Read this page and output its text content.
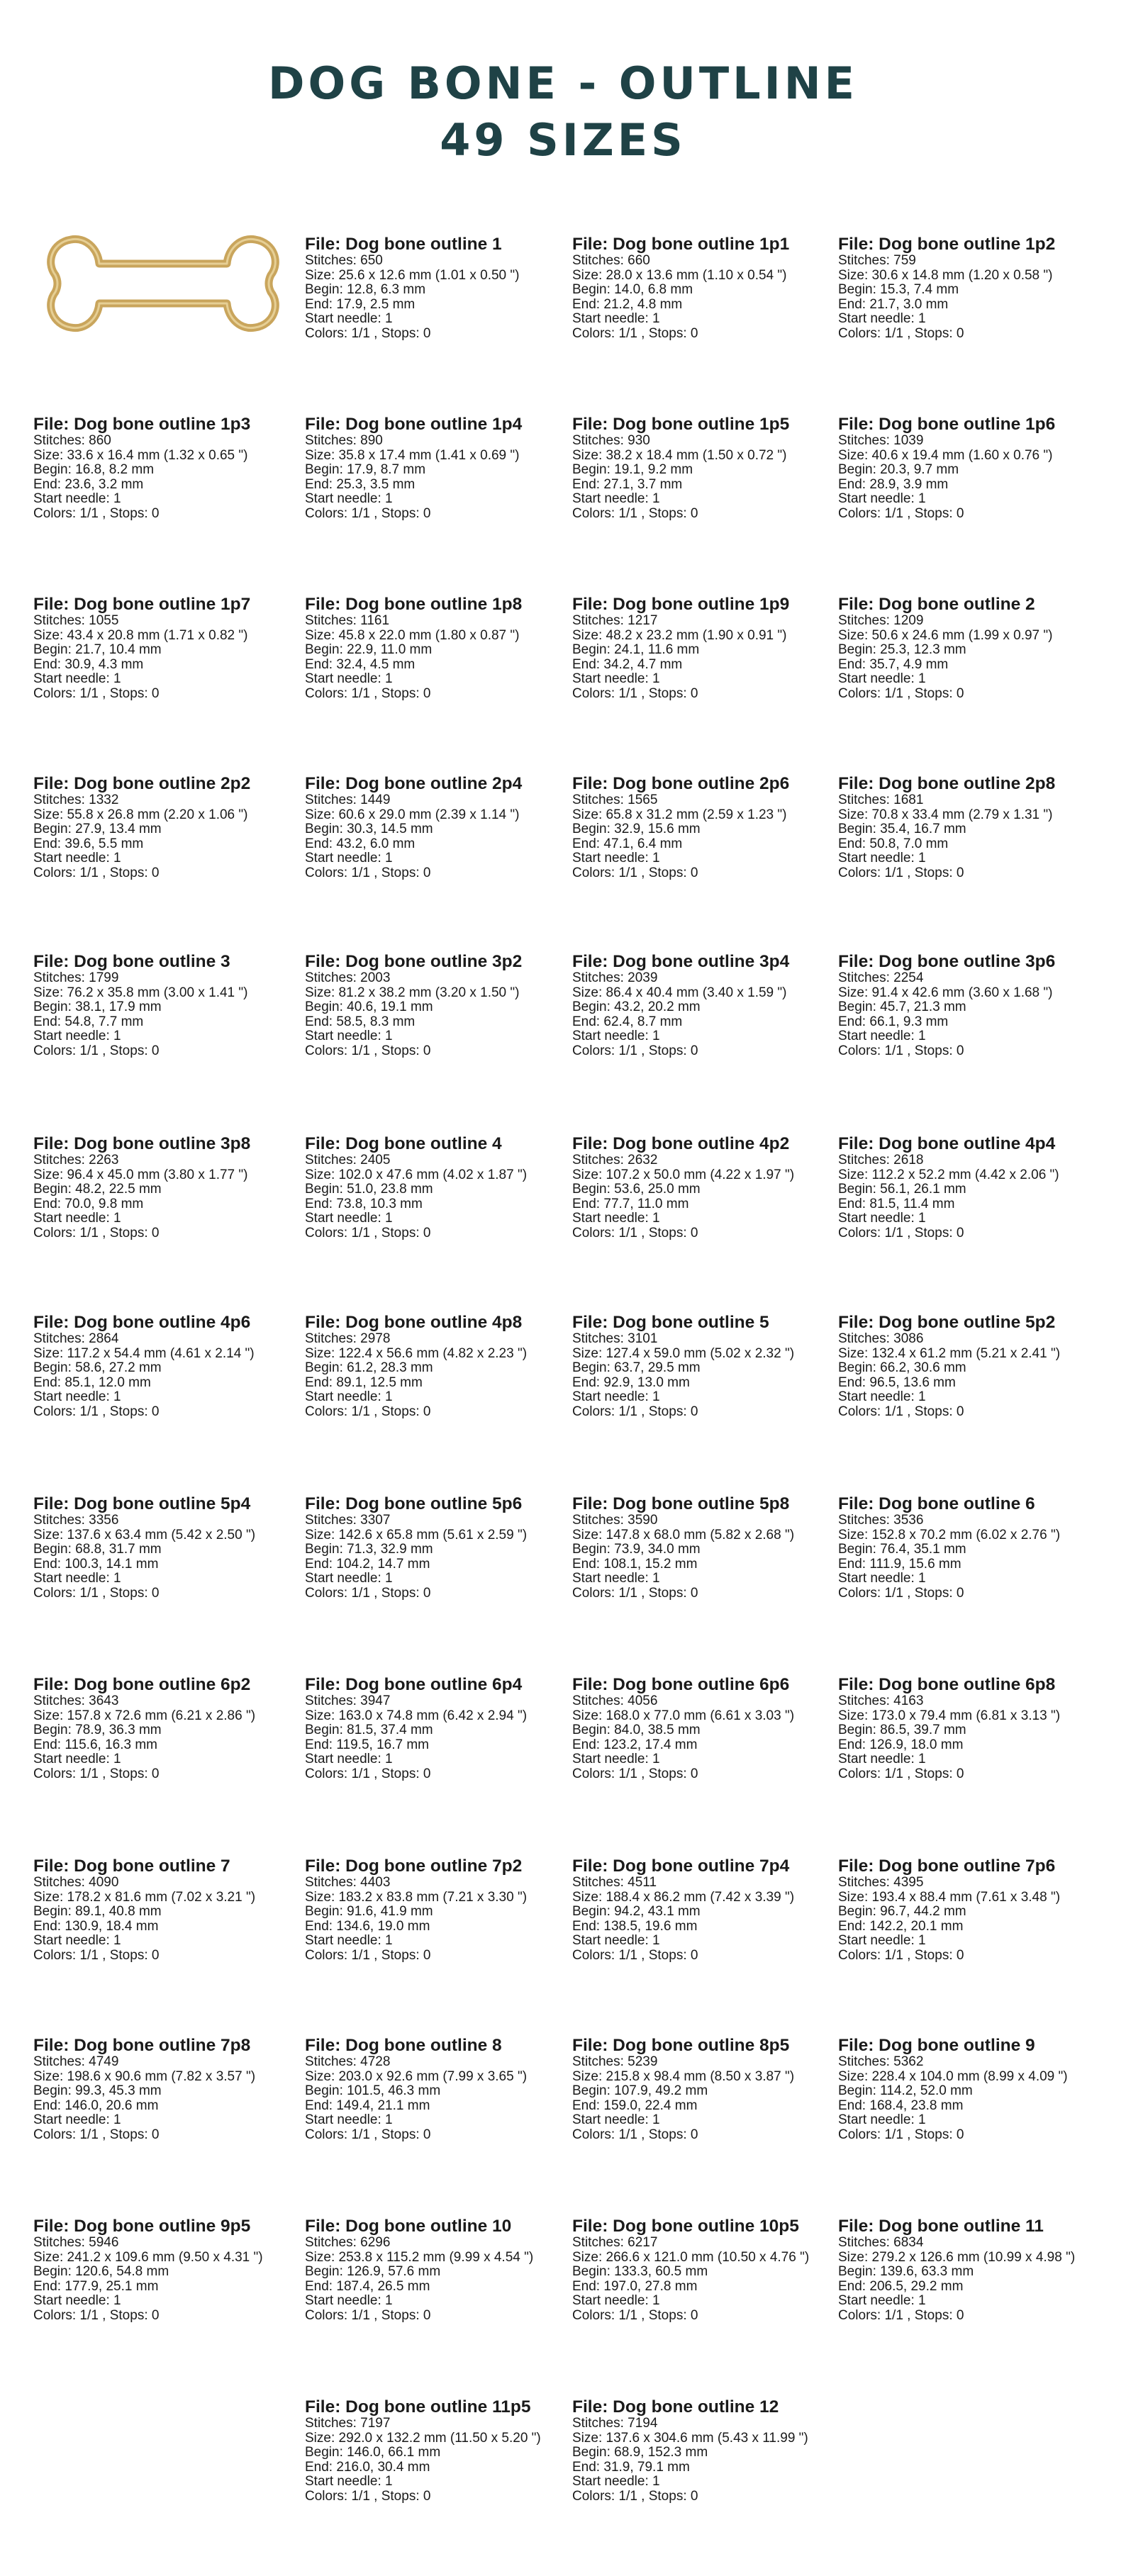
DOG BONE - OUTLINE
49 SIZES
File: Dog bone outline 1
Stitches: 650
Size: 25.6 x 12.6 mm (1.01 x 0.50 ")
Begin: 12.8, 6.3 mm
End: 17.9, 2.5 mm
Start needle: 1
Colors: 1/1 , Stops: 0
File: Dog bone outline 1p1
Stitches: 660
Size: 28.0 x 13.6 mm (1.10 x 0.54 ")
Begin: 14.0, 6.8 mm
End: 21.2, 4.8 mm
Start needle: 1
Colors: 1/1 , Stops: 0
File: Dog bone outline 1p2
Stitches: 759
Size: 30.6 x 14.8 mm (1.20 x 0.58 ")
Begin: 15.3, 7.4 mm
End: 21.7, 3.0 mm
Start needle: 1
Colors: 1/1 , Stops: 0
File: Dog bone outline 1p3
Stitches: 860
Size: 33.6 x 16.4 mm (1.32 x 0.65 ")
Begin: 16.8, 8.2 mm
End: 23.6, 3.2 mm
Start needle: 1
Colors: 1/1 , Stops: 0
File: Dog bone outline 1p4
Stitches: 890
Size: 35.8 x 17.4 mm (1.41 x 0.69 ")
Begin: 17.9, 8.7 mm
End: 25.3, 3.5 mm
Start needle: 1
Colors: 1/1 , Stops: 0
File: Dog bone outline 1p5
Stitches: 930
Size: 38.2 x 18.4 mm (1.50 x 0.72 ")
Begin: 19.1, 9.2 mm
End: 27.1, 3.7 mm
Start needle: 1
Colors: 1/1 , Stops: 0
File: Dog bone outline 1p6
Stitches: 1039
Size: 40.6 x 19.4 mm (1.60 x 0.76 ")
Begin: 20.3, 9.7 mm
End: 28.9, 3.9 mm
Start needle: 1
Colors: 1/1 , Stops: 0
File: Dog bone outline 1p7
Stitches: 1055
Size: 43.4 x 20.8 mm (1.71 x 0.82 ")
Begin: 21.7, 10.4 mm
End: 30.9, 4.3 mm
Start needle: 1
Colors: 1/1 , Stops: 0
File: Dog bone outline 1p8
Stitches: 1161
Size: 45.8 x 22.0 mm (1.80 x 0.87 ")
Begin: 22.9, 11.0 mm
End: 32.4, 4.5 mm
Start needle: 1
Colors: 1/1 , Stops: 0
File: Dog bone outline 1p9
Stitches: 1217
Size: 48.2 x 23.2 mm (1.90 x 0.91 ")
Begin: 24.1, 11.6 mm
End: 34.2, 4.7 mm
Start needle: 1
Colors: 1/1 , Stops: 0
File: Dog bone outline 2
Stitches: 1209
Size: 50.6 x 24.6 mm (1.99 x 0.97 ")
Begin: 25.3, 12.3 mm
End: 35.7, 4.9 mm
Start needle: 1
Colors: 1/1 , Stops: 0
File: Dog bone outline 2p2
Stitches: 1332
Size: 55.8 x 26.8 mm (2.20 x 1.06 ")
Begin: 27.9, 13.4 mm
End: 39.6, 5.5 mm
Start needle: 1
Colors: 1/1 , Stops: 0
File: Dog bone outline 2p4
Stitches: 1449
Size: 60.6 x 29.0 mm (2.39 x 1.14 ")
Begin: 30.3, 14.5 mm
End: 43.2, 6.0 mm
Start needle: 1
Colors: 1/1 , Stops: 0
File: Dog bone outline 2p6
Stitches: 1565
Size: 65.8 x 31.2 mm (2.59 x 1.23 ")
Begin: 32.9, 15.6 mm
End: 47.1, 6.4 mm
Start needle: 1
Colors: 1/1 , Stops: 0
File: Dog bone outline 2p8
Stitches: 1681
Size: 70.8 x 33.4 mm (2.79 x 1.31 ")
Begin: 35.4, 16.7 mm
End: 50.8, 7.0 mm
Start needle: 1
Colors: 1/1 , Stops: 0
File: Dog bone outline 3
Stitches: 1799
Size: 76.2 x 35.8 mm (3.00 x 1.41 ")
Begin: 38.1, 17.9 mm
End: 54.8, 7.7 mm
Start needle: 1
Colors: 1/1 , Stops: 0
File: Dog bone outline 3p2
Stitches: 2003
Size: 81.2 x 38.2 mm (3.20 x 1.50 ")
Begin: 40.6, 19.1 mm
End: 58.5, 8.3 mm
Start needle: 1
Colors: 1/1 , Stops: 0
File: Dog bone outline 3p4
Stitches: 2039
Size: 86.4 x 40.4 mm (3.40 x 1.59 ")
Begin: 43.2, 20.2 mm
End: 62.4, 8.7 mm
Start needle: 1
Colors: 1/1 , Stops: 0
File: Dog bone outline 3p6
Stitches: 2254
Size: 91.4 x 42.6 mm (3.60 x 1.68 ")
Begin: 45.7, 21.3 mm
End: 66.1, 9.3 mm
Start needle: 1
Colors: 1/1 , Stops: 0
File: Dog bone outline 3p8
Stitches: 2263
Size: 96.4 x 45.0 mm (3.80 x 1.77 ")
Begin: 48.2, 22.5 mm
End: 70.0, 9.8 mm
Start needle: 1
Colors: 1/1 , Stops: 0
File: Dog bone outline 4
Stitches: 2405
Size: 102.0 x 47.6 mm (4.02 x 1.87 ")
Begin: 51.0, 23.8 mm
End: 73.8, 10.3 mm
Start needle: 1
Colors: 1/1 , Stops: 0
File: Dog bone outline 4p2
Stitches: 2632
Size: 107.2 x 50.0 mm (4.22 x 1.97 ")
Begin: 53.6, 25.0 mm
End: 77.7, 11.0 mm
Start needle: 1
Colors: 1/1 , Stops: 0
File: Dog bone outline 4p4
Stitches: 2618
Size: 112.2 x 52.2 mm (4.42 x 2.06 ")
Begin: 56.1, 26.1 mm
End: 81.5, 11.4 mm
Start needle: 1
Colors: 1/1 , Stops: 0
File: Dog bone outline 4p6
Stitches: 2864
Size: 117.2 x 54.4 mm (4.61 x 2.14 ")
Begin: 58.6, 27.2 mm
End: 85.1, 12.0 mm
Start needle: 1
Colors: 1/1 , Stops: 0
File: Dog bone outline 4p8
Stitches: 2978
Size: 122.4 x 56.6 mm (4.82 x 2.23 ")
Begin: 61.2, 28.3 mm
End: 89.1, 12.5 mm
Start needle: 1
Colors: 1/1 , Stops: 0
File: Dog bone outline 5
Stitches: 3101
Size: 127.4 x 59.0 mm (5.02 x 2.32 ")
Begin: 63.7, 29.5 mm
End: 92.9, 13.0 mm
Start needle: 1
Colors: 1/1 , Stops: 0
File: Dog bone outline 5p2
Stitches: 3086
Size: 132.4 x 61.2 mm (5.21 x 2.41 ")
Begin: 66.2, 30.6 mm
End: 96.5, 13.6 mm
Start needle: 1
Colors: 1/1 , Stops: 0
File: Dog bone outline 5p4
Stitches: 3356
Size: 137.6 x 63.4 mm (5.42 x 2.50 ")
Begin: 68.8, 31.7 mm
End: 100.3, 14.1 mm
Start needle: 1
Colors: 1/1 , Stops: 0
File: Dog bone outline 5p6
Stitches: 3307
Size: 142.6 x 65.8 mm (5.61 x 2.59 ")
Begin: 71.3, 32.9 mm
End: 104.2, 14.7 mm
Start needle: 1
Colors: 1/1 , Stops: 0
File: Dog bone outline 5p8
Stitches: 3590
Size: 147.8 x 68.0 mm (5.82 x 2.68 ")
Begin: 73.9, 34.0 mm
End: 108.1, 15.2 mm
Start needle: 1
Colors: 1/1 , Stops: 0
File: Dog bone outline 6
Stitches: 3536
Size: 152.8 x 70.2 mm (6.02 x 2.76 ")
Begin: 76.4, 35.1 mm
End: 111.9, 15.6 mm
Start needle: 1
Colors: 1/1 , Stops: 0
File: Dog bone outline 6p2
Stitches: 3643
Size: 157.8 x 72.6 mm (6.21 x 2.86 ")
Begin: 78.9, 36.3 mm
End: 115.6, 16.3 mm
Start needle: 1
Colors: 1/1 , Stops: 0
File: Dog bone outline 6p4
Stitches: 3947
Size: 163.0 x 74.8 mm (6.42 x 2.94 ")
Begin: 81.5, 37.4 mm
End: 119.5, 16.7 mm
Start needle: 1
Colors: 1/1 , Stops: 0
File: Dog bone outline 6p6
Stitches: 4056
Size: 168.0 x 77.0 mm (6.61 x 3.03 ")
Begin: 84.0, 38.5 mm
End: 123.2, 17.4 mm
Start needle: 1
Colors: 1/1 , Stops: 0
File: Dog bone outline 6p8
Stitches: 4163
Size: 173.0 x 79.4 mm (6.81 x 3.13 ")
Begin: 86.5, 39.7 mm
End: 126.9, 18.0 mm
Start needle: 1
Colors: 1/1 , Stops: 0
File: Dog bone outline 7
Stitches: 4090
Size: 178.2 x 81.6 mm (7.02 x 3.21 ")
Begin: 89.1, 40.8 mm
End: 130.9, 18.4 mm
Start needle: 1
Colors: 1/1 , Stops: 0
File: Dog bone outline 7p2
Stitches: 4403
Size: 183.2 x 83.8 mm (7.21 x 3.30 ")
Begin: 91.6, 41.9 mm
End: 134.6, 19.0 mm
Start needle: 1
Colors: 1/1 , Stops: 0
File: Dog bone outline 7p4
Stitches: 4511
Size: 188.4 x 86.2 mm (7.42 x 3.39 ")
Begin: 94.2, 43.1 mm
End: 138.5, 19.6 mm
Start needle: 1
Colors: 1/1 , Stops: 0
File: Dog bone outline 7p6
Stitches: 4395
Size: 193.4 x 88.4 mm (7.61 x 3.48 ")
Begin: 96.7, 44.2 mm
End: 142.2, 20.1 mm
Start needle: 1
Colors: 1/1 , Stops: 0
File: Dog bone outline 7p8
Stitches: 4749
Size: 198.6 x 90.6 mm (7.82 x 3.57 ")
Begin: 99.3, 45.3 mm
End: 146.0, 20.6 mm
Start needle: 1
Colors: 1/1 , Stops: 0
File: Dog bone outline 8
Stitches: 4728
Size: 203.0 x 92.6 mm (7.99 x 3.65 ")
Begin: 101.5, 46.3 mm
End: 149.4, 21.1 mm
Start needle: 1
Colors: 1/1 , Stops: 0
File: Dog bone outline 8p5
Stitches: 5239
Size: 215.8 x 98.4 mm (8.50 x 3.87 ")
Begin: 107.9, 49.2 mm
End: 159.0, 22.4 mm
Start needle: 1
Colors: 1/1 , Stops: 0
File: Dog bone outline 9
Stitches: 5362
Size: 228.4 x 104.0 mm (8.99 x 4.09 ")
Begin: 114.2, 52.0 mm
End: 168.4, 23.8 mm
Start needle: 1
Colors: 1/1 , Stops: 0
File: Dog bone outline 9p5
Stitches: 5946
Size: 241.2 x 109.6 mm (9.50 x 4.31 ")
Begin: 120.6, 54.8 mm
End: 177.9, 25.1 mm
Start needle: 1
Colors: 1/1 , Stops: 0
File: Dog bone outline 10
Stitches: 6296
Size: 253.8 x 115.2 mm (9.99 x 4.54 ")
Begin: 126.9, 57.6 mm
End: 187.4, 26.5 mm
Start needle: 1
Colors: 1/1 , Stops: 0
File: Dog bone outline 10p5
Stitches: 6217
Size: 266.6 x 121.0 mm (10.50 x 4.76 ")
Begin: 133.3, 60.5 mm
End: 197.0, 27.8 mm
Start needle: 1
Colors: 1/1 , Stops: 0
File: Dog bone outline 11
Stitches: 6834
Size: 279.2 x 126.6 mm (10.99 x 4.98 ")
Begin: 139.6, 63.3 mm
End: 206.5, 29.2 mm
Start needle: 1
Colors: 1/1 , Stops: 0
File: Dog bone outline 11p5
Stitches: 7197
Size: 292.0 x 132.2 mm (11.50 x 5.20 ")
Begin: 146.0, 66.1 mm
End: 216.0, 30.4 mm
Start needle: 1
Colors: 1/1 , Stops: 0
File: Dog bone outline 12
Stitches: 7194
Size: 137.6 x 304.6 mm (5.43 x 11.99 ")
Begin: 68.9, 152.3 mm
End: 31.9, 79.1 mm
Start needle: 1
Colors: 1/1 , Stops: 0
